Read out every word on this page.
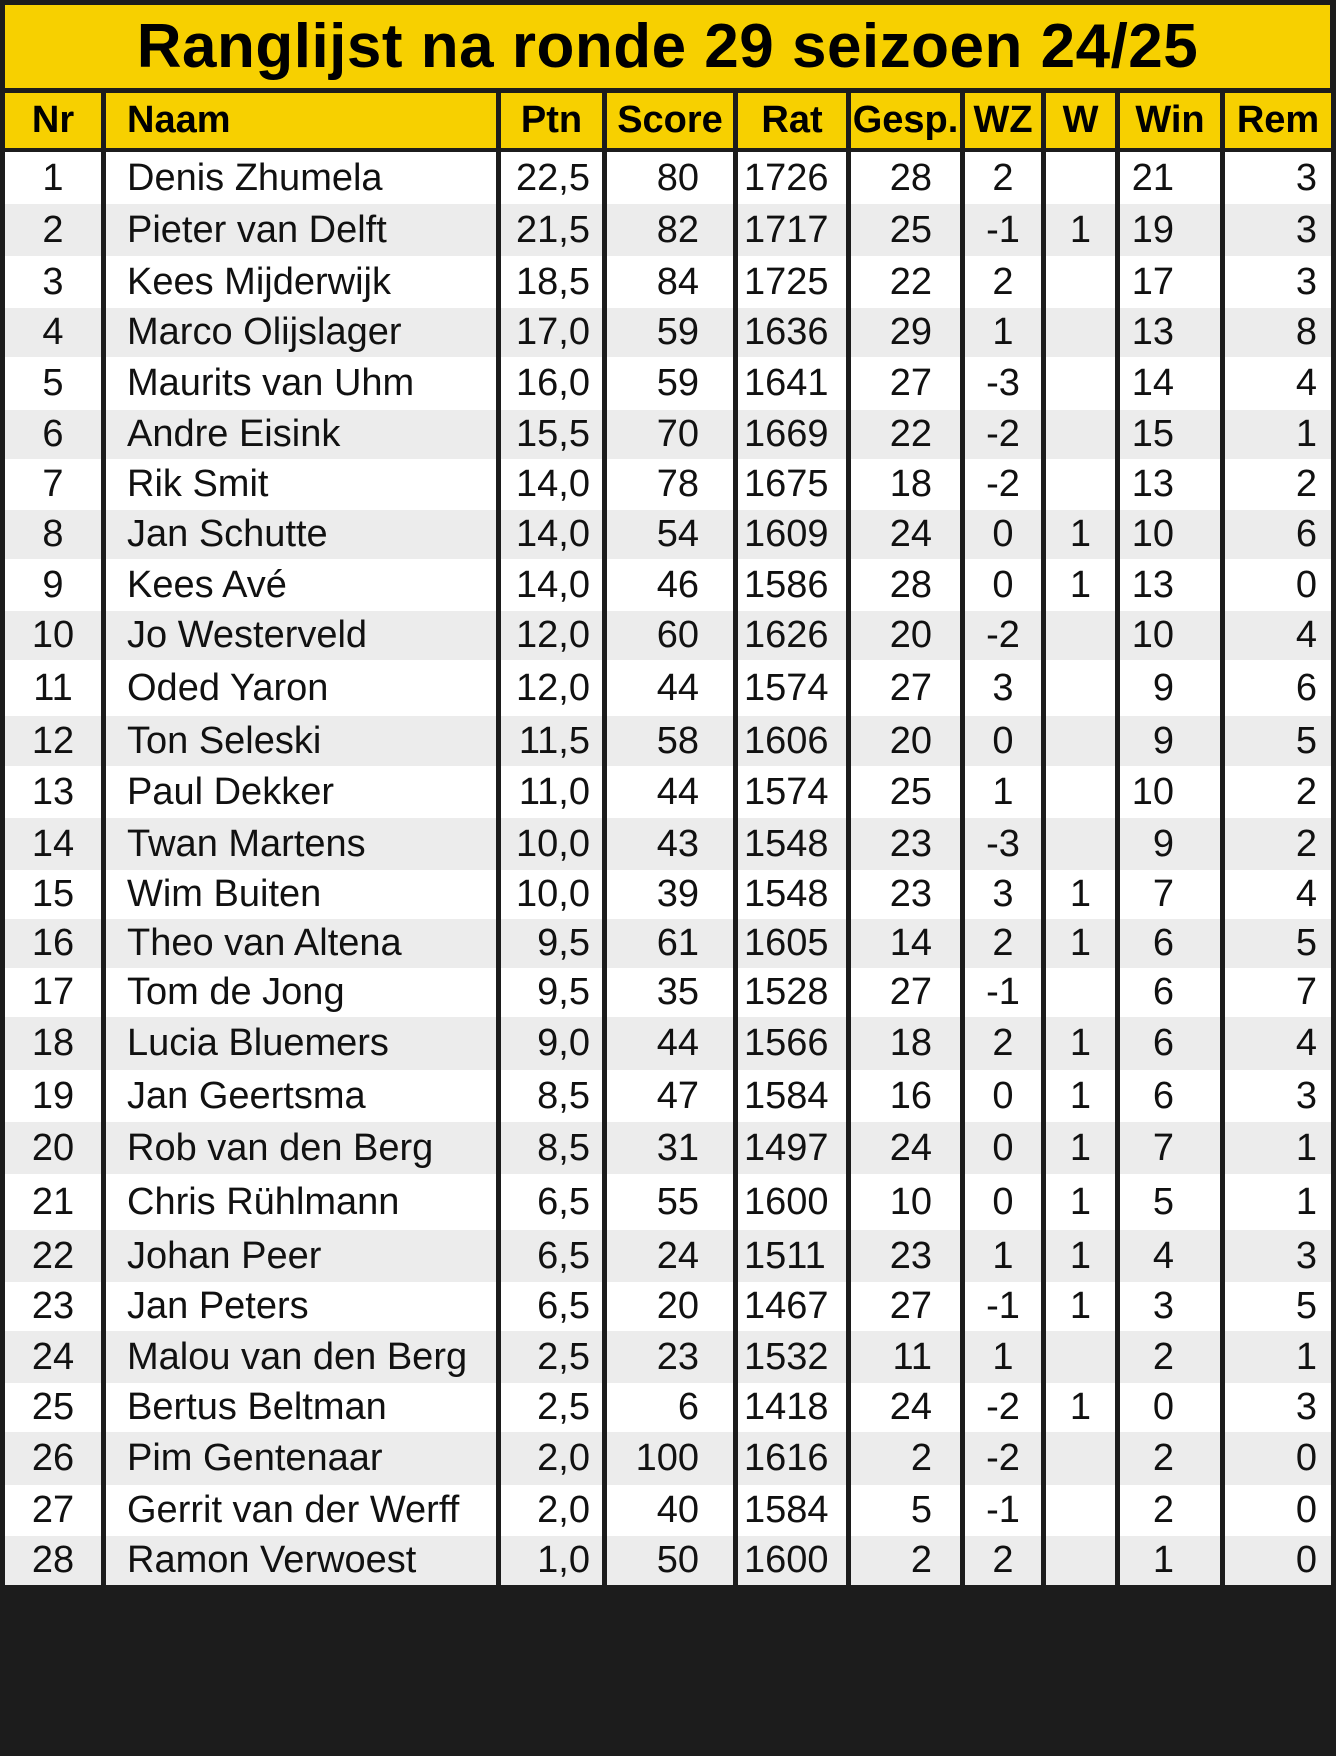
Ranglijst na ronde 29 seizoen 24/25
Nr	Naam	Ptn	Score	Rat	Gesp.	WZ	W	Win	Rem
1	Denis Zhumela	22,5	80	1726	28	2		21	3
2	Pieter van Delft	21,5	82	1717	25	-1	1	19	3
3	Kees Mijderwijk	18,5	84	1725	22	2		17	3
4	Marco Olijslager	17,0	59	1636	29	1		13	8
5	Maurits van Uhm	16,0	59	1641	27	-3		14	4
6	Andre Eisink	15,5	70	1669	22	-2		15	1
7	Rik Smit	14,0	78	1675	18	-2		13	2
8	Jan Schutte	14,0	54	1609	24	0	1	10	6
9	Kees Avé	14,0	46	1586	28	0	1	13	0
10	Jo Westerveld	12,0	60	1626	20	-2		10	4
11	Oded Yaron	12,0	44	1574	27	3		9	6
12	Ton Seleski	11,5	58	1606	20	0		9	5
13	Paul Dekker	11,0	44	1574	25	1		10	2
14	Twan Martens	10,0	43	1548	23	-3		9	2
15	Wim Buiten	10,0	39	1548	23	3	1	7	4
16	Theo van Altena	9,5	61	1605	14	2	1	6	5
17	Tom de Jong	9,5	35	1528	27	-1		6	7
18	Lucia Bluemers	9,0	44	1566	18	2	1	6	4
19	Jan Geertsma	8,5	47	1584	16	0	1	6	3
20	Rob van den Berg	8,5	31	1497	24	0	1	7	1
21	Chris Rühlmann	6,5	55	1600	10	0	1	5	1
22	Johan Peer	6,5	24	1511	23	1	1	4	3
23	Jan Peters	6,5	20	1467	27	-1	1	3	5
24	Malou van den Berg	2,5	23	1532	11	1		2	1
25	Bertus Beltman	2,5	6	1418	24	-2	1	0	3
26	Pim Gentenaar	2,0	100	1616	2	-2		2	0
27	Gerrit van der Werff	2,0	40	1584	5	-1		2	0
28	Ramon Verwoest	1,0	50	1600	2	2		1	0
